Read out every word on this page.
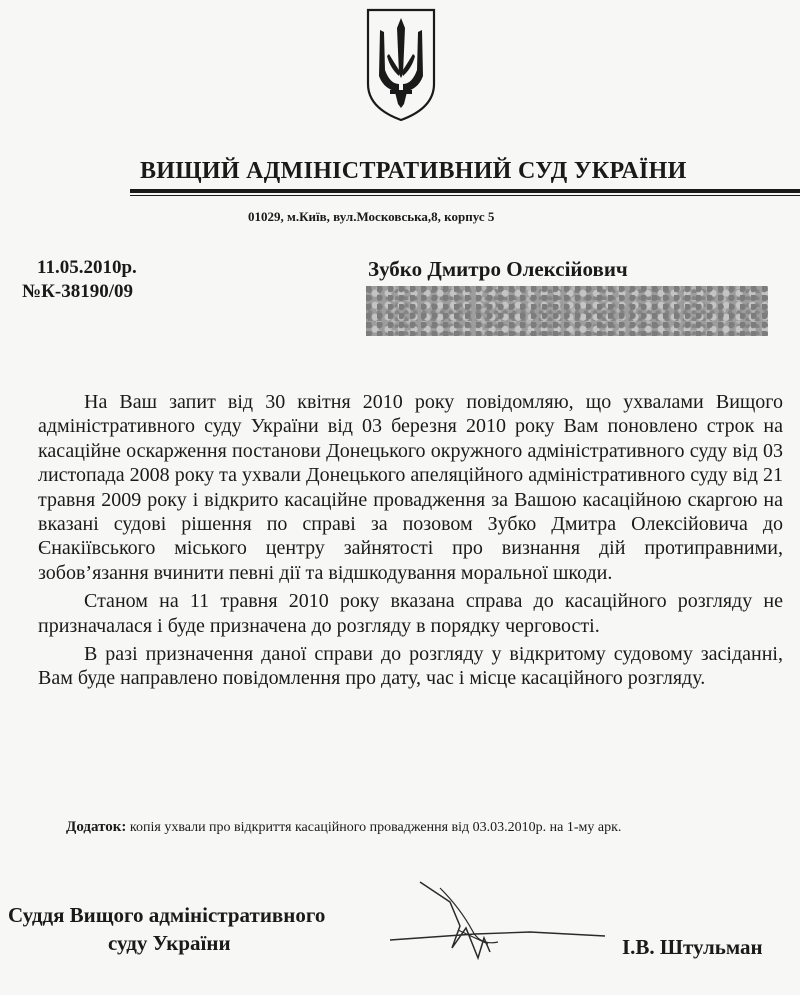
ВИЩИЙ АДМІНІСТРАТИВНИЙ СУД УКРАЇНИ
01029, м.Київ, вул.Московська,8, корпус 5
11.05.2010р.
№К-38190/09
Зубко Дмитро Олексійович

На Ваш запит від 30 квітня 2010 року повідомляю, що ухвалами Вищого адміністративного суду України від 03 березня 2010 року Вам поновлено строк на касаційне оскарження постанови Донецького окружного адміністративного суду від 03 листопада 2008 року та ухвали Донецького апеляційного адміністративного суду від 21 травня 2009 року і відкрито касаційне провадження за Вашою касаційною скаргою на вказані судові рішення по справі за позовом Зубко Дмитра Олексійовича до Єнакіївського міського центру зайнятості про визнання дій протиправними, зобов’язання вчинити певні дії та відшкодування моральної шкоди.

Станом на 11 травня 2010 року вказана справа до касаційного розгляду не призначалася і буде призначена до розгляду в порядку черговості.

В разі призначення даної справи до розгляду у відкритому судовому засіданні, Вам буде направлено повідомлення про дату, час і місце касаційного розгляду.

Додаток: копія ухвали про відкриття касаційного провадження від 03.03.2010р. на 1-му арк.
Суддя Вищого адміністративного
суду України	І.В. Штульман
